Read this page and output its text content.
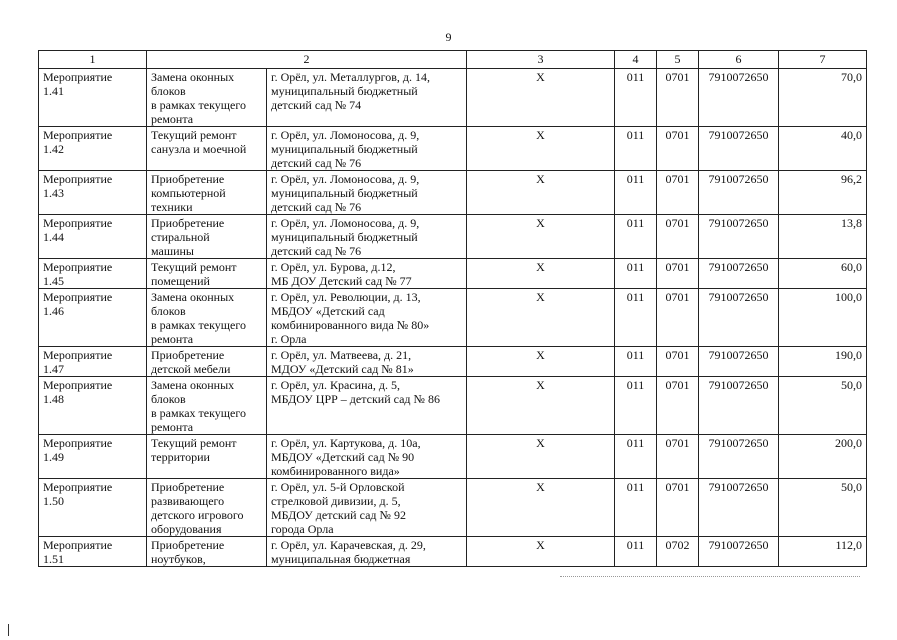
9
1	2		3	4	5	6	7
Мероприятие
1.41	Замена оконных
блоков
в рамках текущего
ремонта	г. Орёл, ул. Металлургов, д. 14,
муниципальный бюджетный
детский сад № 74	Х	011	0701	7910072650	70,0
Мероприятие
1.42	Текущий ремонт
санузла и моечной	г. Орёл, ул. Ломоносова, д. 9,
муниципальный бюджетный
детский сад № 76	Х	011	0701	7910072650	40,0
Мероприятие
1.43	Приобретение
компьютерной
техники	г. Орёл, ул. Ломоносова, д. 9,
муниципальный бюджетный
детский сад № 76	Х	011	0701	7910072650	96,2
Мероприятие
1.44	Приобретение
стиральной
машины	г. Орёл, ул. Ломоносова, д. 9,
муниципальный бюджетный
детский сад № 76	Х	011	0701	7910072650	13,8
Мероприятие
1.45	Текущий ремонт
помещений	г. Орёл, ул. Бурова, д.12,
МБ ДОУ Детский сад № 77	Х	011	0701	7910072650	60,0
Мероприятие
1.46	Замена оконных
блоков
в рамках текущего
ремонта	г. Орёл, ул. Революции, д. 13,
МБДОУ «Детский сад
комбинированного вида № 80»
г. Орла	Х	011	0701	7910072650	100,0
Мероприятие
1.47	Приобретение
детской мебели	г. Орёл, ул. Матвеева, д. 21,
МДОУ «Детский сад № 81»	Х	011	0701	7910072650	190,0
Мероприятие
1.48	Замена оконных
блоков
в рамках текущего
ремонта	г. Орёл, ул. Красина, д. 5,
МБДОУ ЦРР – детский сад № 86	Х	011	0701	7910072650	50,0
Мероприятие
1.49	Текущий ремонт
территории	г. Орёл, ул. Картукова, д. 10а,
МБДОУ «Детский сад № 90
комбинированного вида»	Х	011	0701	7910072650	200,0
Мероприятие
1.50	Приобретение
развивающего
детского игрового
оборудования	г. Орёл, ул. 5-й Орловской
стрелковой дивизии, д. 5,
МБДОУ детский сад № 92
города Орла	Х	011	0701	7910072650	50,0
Мероприятие
1.51	Приобретение
ноутбуков,	г. Орёл, ул. Карачевская, д. 29,
муниципальная бюджетная	Х	011	0702	7910072650	112,0
